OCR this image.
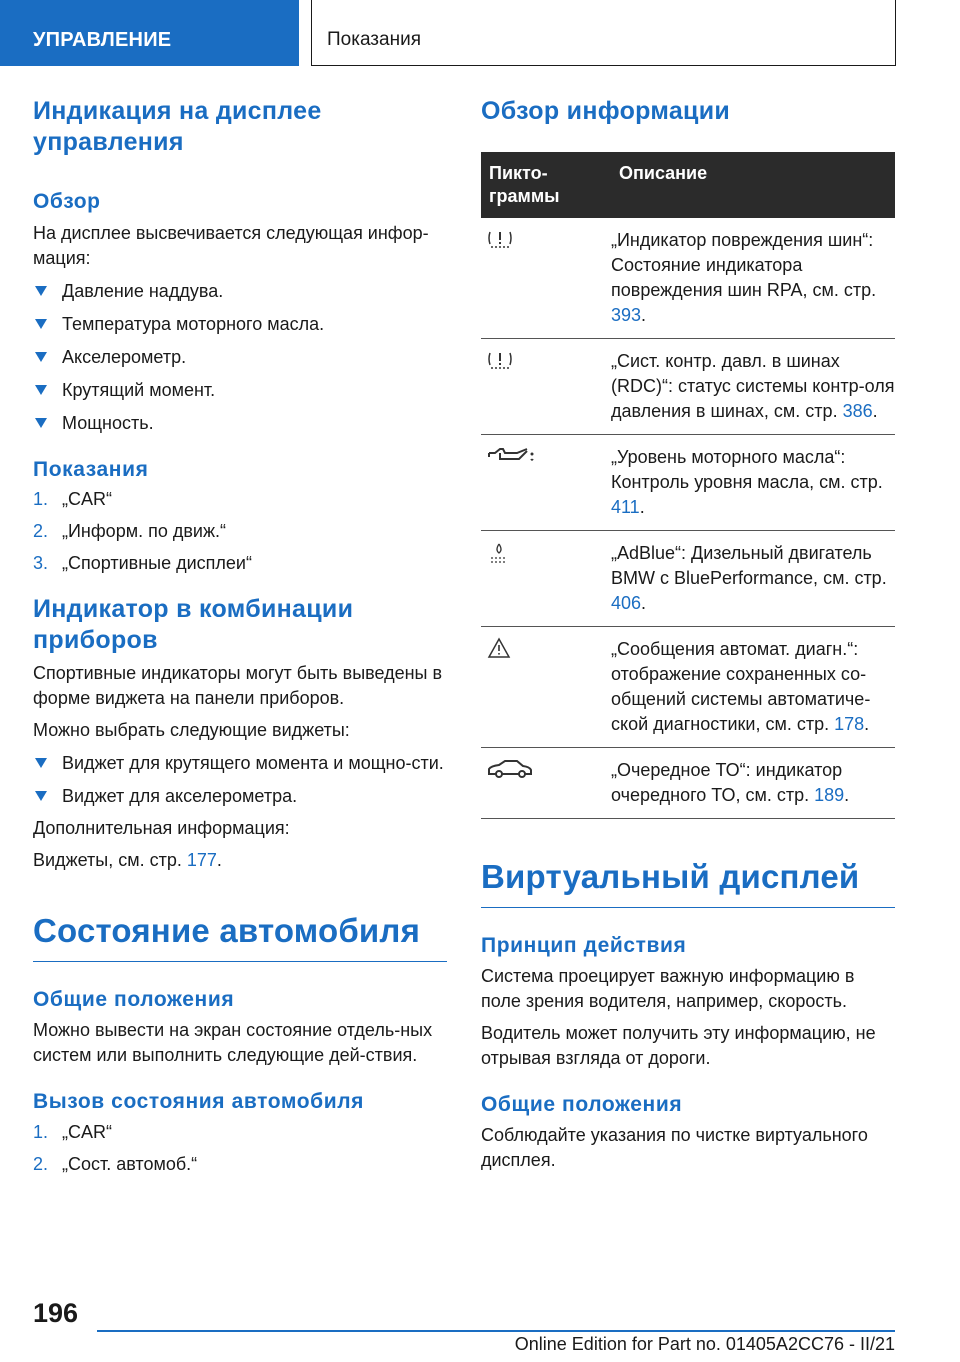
УПРАВЛЕНИЕ	Показания
Индикация на дисплее управления
Обзор

На дисплее высвечивается следующая инфор-мация:

Давление наддува.
Температура моторного масла.
Акселерометр.
Крутящий момент.
Мощность.
Показания
1. „CAR“
2. „Информ. по движ.“
3. „Спортивные дисплеи“
Индикатор в комбинации приборов

Спортивные индикаторы могут быть выведены в форме виджета на панели приборов.

Можно выбрать следующие виджеты:

Виджет для крутящего момента и мощно-сти.
Виджет для акселерометра.

Дополнительная информация:

Виджеты, см. стр. 177.

Состояние автомобиля
Общие положения

Можно вывести на экран состояние отдель-ных систем или выполнить следующие дей-ствия.

Вызов состояния автомобиля
1. „CAR“
2. „Сост. автомоб.“
Обзор информации
Пикто-граммы	Описание

	„Индикатор повреждения шин“: Состояние индикатора повреждения шин RPA, см. стр. 393.

	„Сист. контр. давл. в шинах (RDC)“: статус системы контр-оля давления в шинах, см. стр. 386.

	„Уровень моторного масла“: Контроль уровня масла, см. стр. 411.

	„AdBlue“: Дизельный двигатель BMW с BluePerformance, см. стр. 406.

	„Сообщения автомат. диагн.“: отображение сохраненных со-общений системы автоматиче-ской диагностики, см. стр. 178.

	„Очередное ТО“: индикатор очередного ТО, см. стр. 189.
Виртуальный дисплей
Принцип действия

Система проецирует важную информацию в поле зрения водителя, например, скорость.

Водитель может получить эту информацию, не отрывая взгляда от дороги.

Общие положения

Соблюдайте указания по чистке виртуального дисплея.

196
Online Edition for Part no. 01405A2CC76 - II/21
